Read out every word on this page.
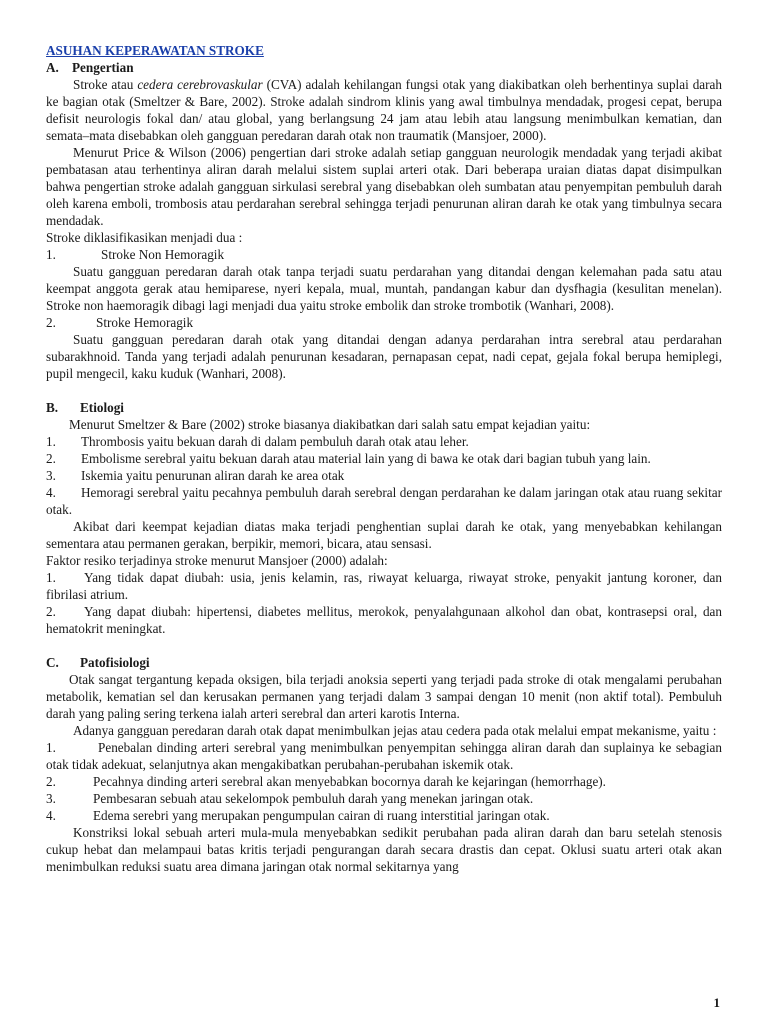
ASUHAN KEPERAWATAN STROKE
A. Pengertian

Stroke atau cedera cerebrovaskular (CVA) adalah kehilangan fungsi otak yang diakibatkan oleh berhentinya suplai darah ke bagian otak (Smeltzer & Bare, 2002). Stroke adalah sindrom klinis yang awal timbulnya mendadak, progesi cepat, berupa defisit neurologis fokal dan/ atau global, yang berlangsung 24 jam atau lebih atau langsung menimbulkan kematian, dan semata–mata disebabkan oleh gangguan peredaran darah otak non traumatik (Mansjoer, 2000).

Menurut Price & Wilson (2006) pengertian dari stroke adalah setiap gangguan neurologik mendadak yang terjadi akibat pembatasan atau terhentinya aliran darah melalui sistem suplai arteri otak. Dari beberapa uraian diatas dapat disimpulkan bahwa pengertian stroke adalah gangguan sirkulasi serebral yang disebabkan oleh sumbatan atau penyempitan pembuluh darah oleh karena emboli, trombosis atau perdarahan serebral sehingga terjadi penurunan aliran darah ke otak yang timbulnya secara mendadak.

Stroke diklasifikasikan menjadi dua :

1.	Stroke Non Hemoragik

Suatu gangguan peredaran darah otak tanpa terjadi suatu perdarahan yang ditandai dengan kelemahan pada satu atau keempat anggota gerak atau hemiparese, nyeri kepala, mual, muntah, pandangan kabur dan dysfhagia (kesulitan menelan). Stroke non haemoragik dibagi lagi menjadi dua yaitu stroke embolik dan stroke trombotik (Wanhari, 2008).

2.	Stroke Hemoragik

Suatu gangguan peredaran darah otak yang ditandai dengan adanya perdarahan intra serebral atau perdarahan subarakhnoid. Tanda yang terjadi adalah penurunan kesadaran, pernapasan cepat, nadi cepat, gejala fokal berupa hemiplegi, pupil mengecil, kaku kuduk (Wanhari, 2008).

B. Etiologi

Menurut Smeltzer & Bare (2002) stroke biasanya diakibatkan dari salah satu empat kejadian yaitu:

1.	Thrombosis yaitu bekuan darah di dalam pembuluh darah otak atau leher.
2.	Embolisme serebral yaitu bekuan darah atau material lain yang di bawa ke otak dari bagian tubuh yang lain.
3.	Iskemia yaitu penurunan aliran darah ke area otak
4.	Hemoragi serebral yaitu pecahnya pembuluh darah serebral dengan perdarahan ke dalam jaringan otak atau ruang sekitar otak.

Akibat dari keempat kejadian diatas maka terjadi penghentian suplai darah ke otak, yang menyebabkan kehilangan sementara atau permanen gerakan, berpikir, memori, bicara, atau sensasi.

Faktor resiko terjadinya stroke menurut Mansjoer (2000) adalah:

1.	Yang tidak dapat diubah: usia, jenis kelamin, ras, riwayat keluarga, riwayat stroke, penyakit jantung koroner, dan fibrilasi atrium.
2.	Yang dapat diubah: hipertensi, diabetes mellitus, merokok, penyalahgunaan alkohol dan obat, kontrasepsi oral, dan hematokrit meningkat.
C. Patofisiologi

Otak sangat tergantung kepada oksigen, bila terjadi anoksia seperti yang terjadi pada stroke di otak mengalami perubahan metabolik, kematian sel dan kerusakan permanen yang terjadi dalam 3 sampai dengan 10 menit (non aktif total). Pembuluh darah yang paling sering terkena ialah arteri serebral dan arteri karotis Interna.

Adanya gangguan peredaran darah otak dapat menimbulkan jejas atau cedera pada otak melalui empat mekanisme, yaitu :

1.	Penebalan dinding arteri serebral yang menimbulkan penyempitan sehingga aliran darah dan suplainya ke sebagian otak tidak adekuat, selanjutnya akan mengakibatkan perubahan-perubahan iskemik otak.
2.	Pecahnya dinding arteri serebral akan menyebabkan bocornya darah ke kejaringan (hemorrhage).
3.	Pembesaran sebuah atau sekelompok pembuluh darah yang menekan jaringan otak.
4.	Edema serebri yang merupakan pengumpulan cairan di ruang interstitial jaringan otak.

Konstriksi lokal sebuah arteri mula-mula menyebabkan sedikit perubahan pada aliran darah dan baru setelah stenosis cukup hebat dan melampaui batas kritis terjadi pengurangan darah secara drastis dan cepat. Oklusi suatu arteri otak akan menimbulkan reduksi suatu area dimana jaringan otak normal sekitarnya yang

1
